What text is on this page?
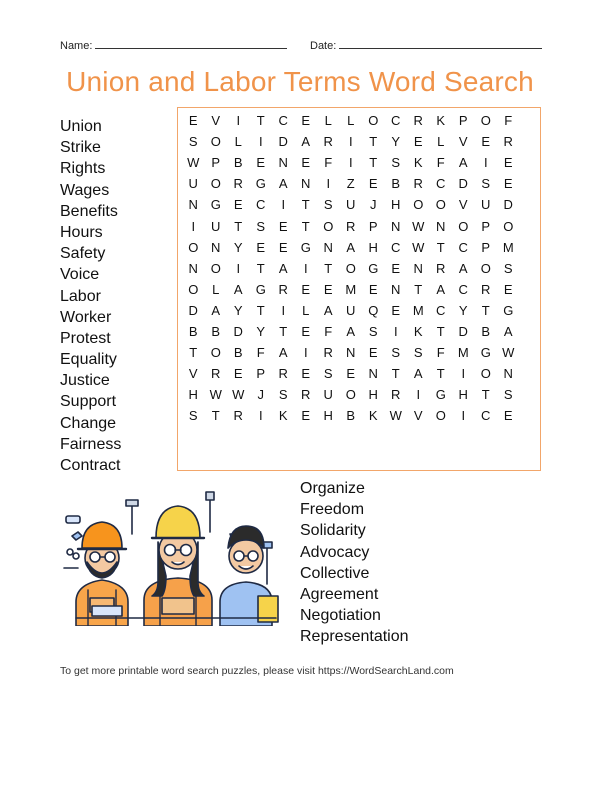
Name:	Date:
Union and Labor Terms Word Search
Union
Strike
Rights
Wages
Benefits
Hours
Safety
Voice
Labor
Worker
Protest
Equality
Justice
Support
Change
Fairness
Contract
E	V	I	T	C	E	L	L	O C	R	K	P	O	F
S	O	L	I	D	A	R	I	T	Y	E	L	V	E	R
W P	B	E	N	E	F	I	T	S	K	F	A	I	E
U O R G	A	N	I	Z	E	B	R	C	D	S	E
N G	E	C	I	T	S	U	J	H O O	V	U	D
I	U	T	S	E	T	O R	P	N W N O	P	O
O N	Y	E	E	G N	A	H	C W T	C	P M
N O	I	T	A	I	T	O G	E	N	R	A	O	S
O	L	A	G R	E	E M E	N	T	A	C	R	E
D	A	Y	T	I	L	A	U Q	E M C	Y	T	G
B	B	D	Y	T	E	F	A	S	I	K	T	D	B	A
T	O	B	F	A	I	R	N	E	S	S	F	M G W
V	R	E	P	R	E	S	E	N	T	A	T	I	O N
H W W	J	S	R	U O H	R	I	G H	T	S
S	T	R	I	K	E	H	B	K W V	O	I	C	E
Organize
Freedom
Solidarity
Advocacy
Collective
Agreement
Negotiation
Representation
To get more printable word search puzzles, please visit https://WordSearchLand.com
